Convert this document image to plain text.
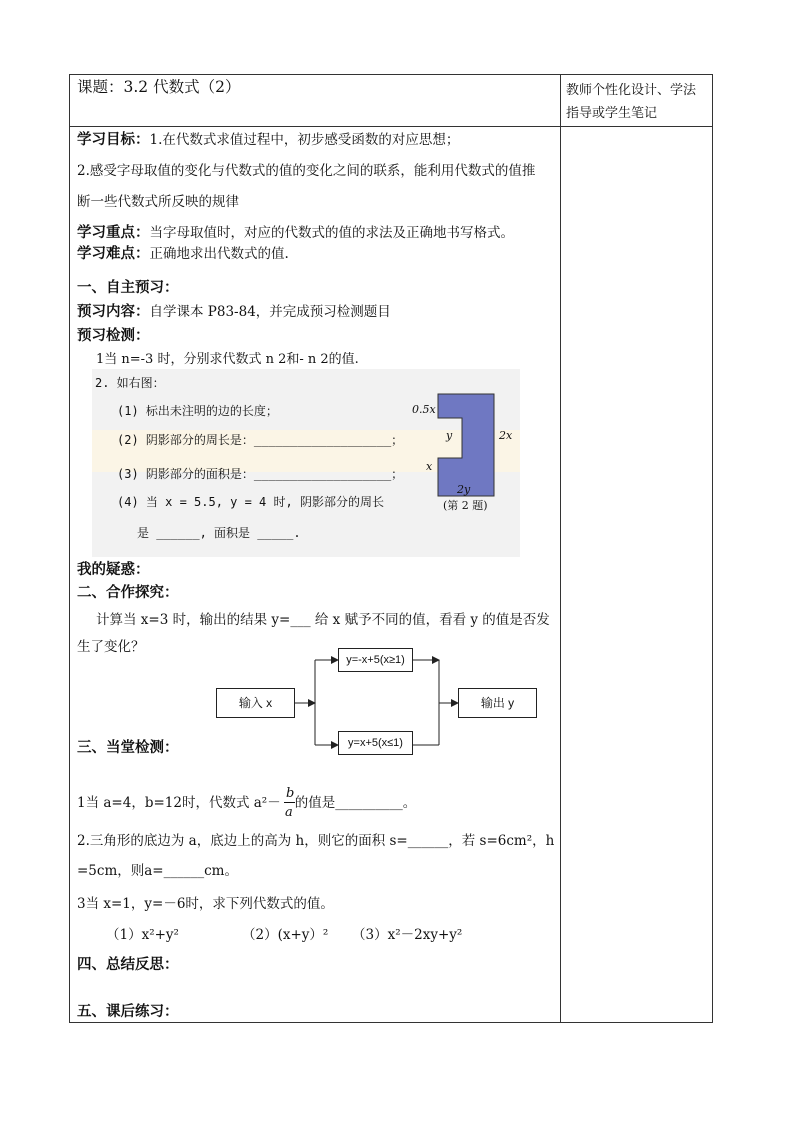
课题：3.2 代数式（2）	教师个性化设计、学法
指导或学生笔记
学习目标：1.在代数式求值过程中，初步感受函数的对应思想；
2.感受字母取值的变化与代数式的值的变化之间的联系，能利用代数式的值推
断一些代数式所反映的规律
学习重点：当字母取值时，对应的代数式的值的求法及正确地书写格式。
学习难点：正确地求出代数式的值.
一、自主预习：
预习内容：自学课本 P83-84，并完成预习检测题目
预习检测：
1当 n=-3 时，分别求代数式 n 2和- n 2的值.
2. 如右图：
(1) 标出未注明的边的长度；
(2) 阴影部分的周长是：___________________；
(3) 阴影部分的面积是：___________________；
(4) 当 x = 5.5, y = 4 时, 阴影部分的周长
是 ______, 面积是 _____.
0.5x
y	2x
x
2y
(第 2 题)
我的疑惑：
二、合作探究：
计算当 x=3 时，输出的结果 y=___ 给 x 赋予不同的值，看看 y 的值是否发
生了变化？
输入 x
y=-x+5(x≥1)
y=x+5(x≤1)
输出 y
三、当堂检测：
1当 a=4，b=12时，代数式 a²－ 的值是__________。
b
a
2.三角形的底边为 a，底边上的高为 h，则它的面积 s=______，若 s=6cm²，h
=5cm，则a=______cm。
3当 x=1，y=－6时，求下列代数式的值。
（1）x²+y²	（2）(x+y）² （3）x²－2xy+y²
四、总结反思：
五、课后练习：
